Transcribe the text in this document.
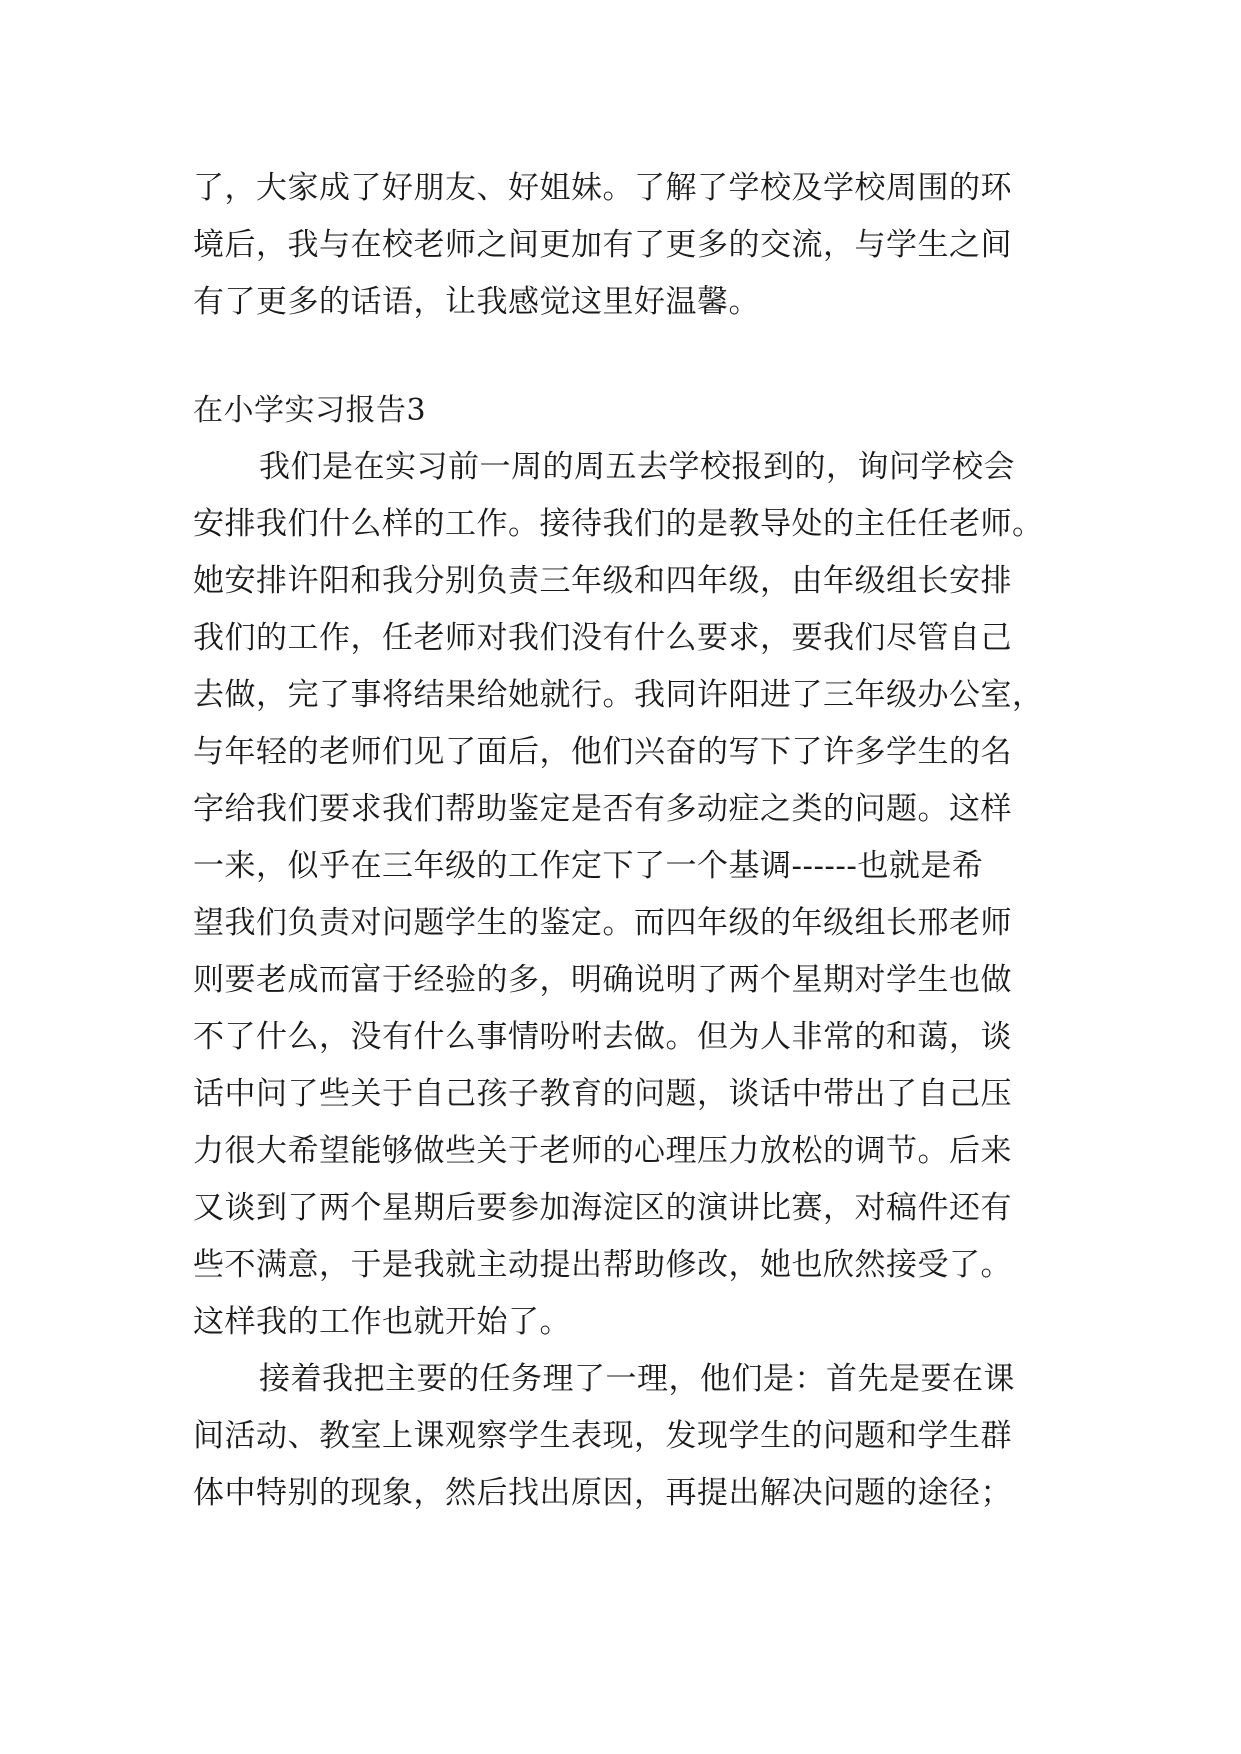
了，大家成了好朋友、好姐妹。了解了学校及学校周围的环
境后，我与在校老师之间更加有了更多的交流，与学生之间
有了更多的话语，让我感觉这里好温馨。
在小学实习报告3
我们是在实习前一周的周五去学校报到的，询问学校会
安排我们什么样的工作。接待我们的是教导处的主任任老师。
她安排许阳和我分别负责三年级和四年级，由年级组长安排
我们的工作，任老师对我们没有什么要求，要我们尽管自己
去做，完了事将结果给她就行。我同许阳进了三年级办公室，
与年轻的老师们见了面后，他们兴奋的写下了许多学生的名
字给我们要求我们帮助鉴定是否有多动症之类的问题。这样
一来，似乎在三年级的工作定下了一个基调------也就是希
望我们负责对问题学生的鉴定。而四年级的年级组长邢老师
则要老成而富于经验的多，明确说明了两个星期对学生也做
不了什么，没有什么事情吩咐去做。但为人非常的和蔼，谈
话中问了些关于自己孩子教育的问题，谈话中带出了自己压
力很大希望能够做些关于老师的心理压力放松的调节。后来
又谈到了两个星期后要参加海淀区的演讲比赛，对稿件还有
些不满意，于是我就主动提出帮助修改，她也欣然接受了。
这样我的工作也就开始了。
接着我把主要的任务理了一理，他们是：首先是要在课
间活动、教室上课观察学生表现，发现学生的问题和学生群
体中特别的现象，然后找出原因，再提出解决问题的途径；
